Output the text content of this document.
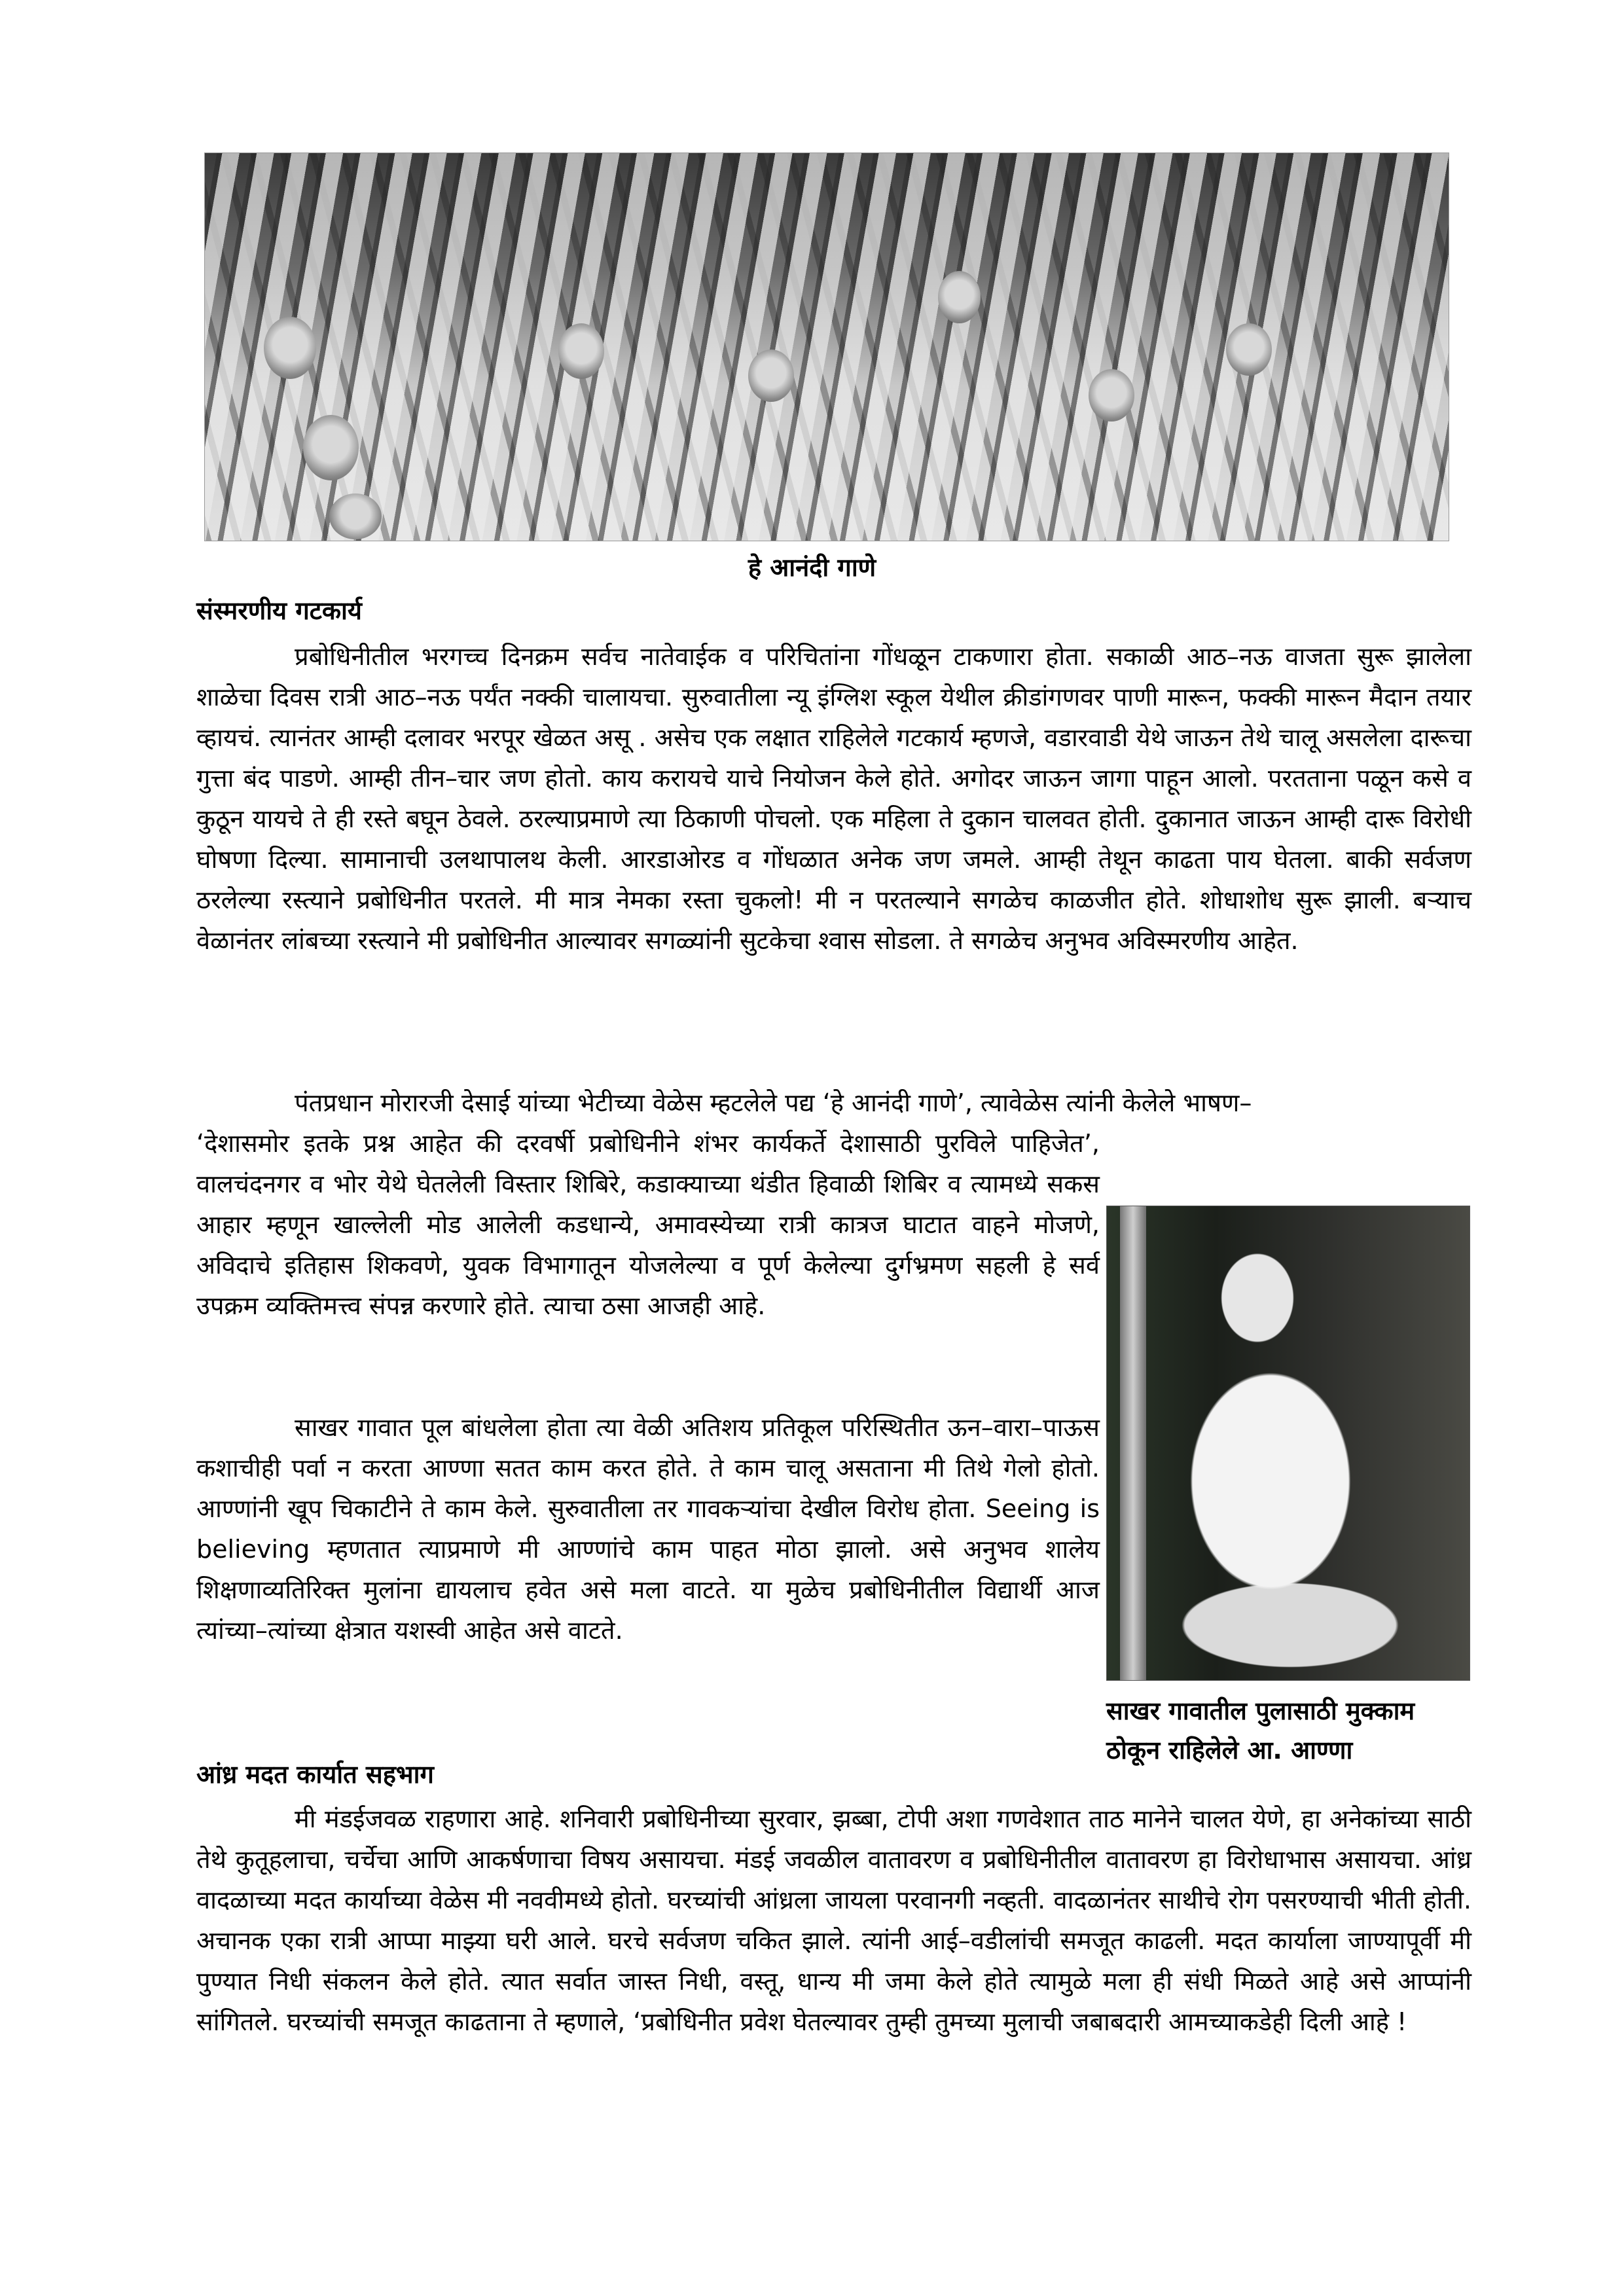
हे आनंदी गाणे
संस्मरणीय गटकार्य
प्रबोधिनीतील भरगच्च दिनक्रम सर्वच नातेवाईक व परिचितांना गोंधळून टाकणारा होता. सकाळी आठ–नऊ वाजता सुरू झालेला शाळेचा दिवस रात्री आठ–नऊ पर्यंत नक्की चालायचा. सुरुवातीला न्यू इंग्लिश स्कूल येथील क्रीडांगणवर पाणी मारून, फक्की मारून मैदान तयार व्हायचं. त्यानंतर आम्ही दलावर भरपूर खेळत असू . असेच एक लक्षात राहिलेले गटकार्य म्हणजे, वडारवाडी येथे जाऊन तेथे चालू असलेला दारूचा गुत्ता बंद पाडणे. आम्ही तीन–चार जण होतो. काय करायचे याचे नियोजन केले होते. अगोदर जाऊन जागा पाहून आलो. परतताना पळून कसे व कुठून यायचे ते ही रस्ते बघून ठेवले. ठरल्याप्रमाणे त्या ठिकाणी पोचलो. एक महिला ते दुकान चालवत होती. दुकानात जाऊन आम्ही दारू विरोधी घोषणा दिल्या. सामानाची उलथापालथ केली. आरडाओरड व गोंधळात अनेक जण जमले. आम्ही तेथून काढता पाय घेतला. बाकी सर्वजण ठरलेल्या रस्त्याने प्रबोधिनीत परतले. मी मात्र नेमका रस्ता चुकलो! मी न परतल्याने सगळेच काळजीत होते. शोधाशोध सुरू झाली. बऱ्याच वेळानंतर लांबच्या रस्त्याने मी प्रबोधिनीत आल्यावर सगळ्यांनी सुटकेचा श्वास सोडला. ते सगळेच अनुभव अविस्मरणीय आहेत.
पंतप्रधान मोरारजी देसाई यांच्या भेटीच्या वेळेस म्हटलेले पद्य ‘हे आनंदी गाणे’, त्यावेळेस त्यांनी केलेले भाषण–
‘देशासमोर इतके प्रश्न आहेत की दरवर्षी प्रबोधिनीने शंभर कार्यकर्ते देशासाठी पुरविले पाहिजेत’, वालचंदनगर व भोर येथे घेतलेली विस्तार शिबिरे, कडाक्याच्या थंडीत हिवाळी शिबिर व त्यामध्ये सकस आहार म्हणून खाल्लेली मोड आलेली कडधान्ये, अमावस्येच्या रात्री कात्रज घाटात वाहने मोजणे, अविदाचे इतिहास शिकवणे, युवक विभागातून योजलेल्या व पूर्ण केलेल्या दुर्गभ्रमण सहली हे सर्व उपक्रम व्यक्तिमत्त्व संपन्न करणारे होते. त्याचा ठसा आजही आहे.
साखर गावात पूल बांधलेला होता त्या वेळी अतिशय प्रतिकूल परिस्थितीत ऊन–वारा–पाऊस कशाचीही पर्वा न करता आण्णा सतत काम करत होते. ते काम चालू असताना मी तिथे गेलो होतो. आण्णांनी खूप चिकाटीने ते काम केले. सुरुवातीला तर गावकऱ्यांचा देखील विरोध होता. Seeing is believing म्हणतात त्याप्रमाणे मी आण्णांचे काम पाहत मोठा झालो. असे अनुभव शालेय शिक्षणाव्यतिरिक्त मुलांना द्यायलाच हवेत असे मला वाटते. या मुळेच प्रबोधिनीतील विद्यार्थी आज त्यांच्या–त्यांच्या क्षेत्रात यशस्वी आहेत असे वाटते.
साखर गावातील पुलासाठी मुक्काम
ठोकून राहिलेले आ. आण्णा
आंध्र मदत कार्यात सहभाग
मी मंडईजवळ राहणारा आहे. शनिवारी प्रबोधिनीच्या सुरवार, झब्बा, टोपी अशा गणवेशात ताठ मानेने चालत येणे, हा अनेकांच्या साठी तेथे कुतूहलाचा, चर्चेचा आणि आकर्षणाचा विषय असायचा. मंडई जवळील वातावरण व प्रबोधिनीतील वातावरण हा विरोधाभास असायचा. आंध्र वादळाच्या मदत कार्याच्या वेळेस मी नववीमध्ये होतो. घरच्यांची आंध्रला जायला परवानगी नव्हती. वादळानंतर साथीचे रोग पसरण्याची भीती होती. अचानक एका रात्री आप्पा माझ्या घरी आले. घरचे सर्वजण चकित झाले. त्यांनी आई–वडीलांची समजूत काढली. मदत कार्याला जाण्यापूर्वी मी पुण्यात निधी संकलन केले होते. त्यात सर्वात जास्त निधी, वस्तू, धान्य मी जमा केले होते त्यामुळे मला ही संधी मिळते आहे असे आप्पांनी सांगितले. घरच्यांची समजूत काढताना ते म्हणाले, ‘प्रबोधिनीत प्रवेश घेतल्यावर तुम्ही तुमच्या मुलाची जबाबदारी आमच्याकडेही दिली आहे !
